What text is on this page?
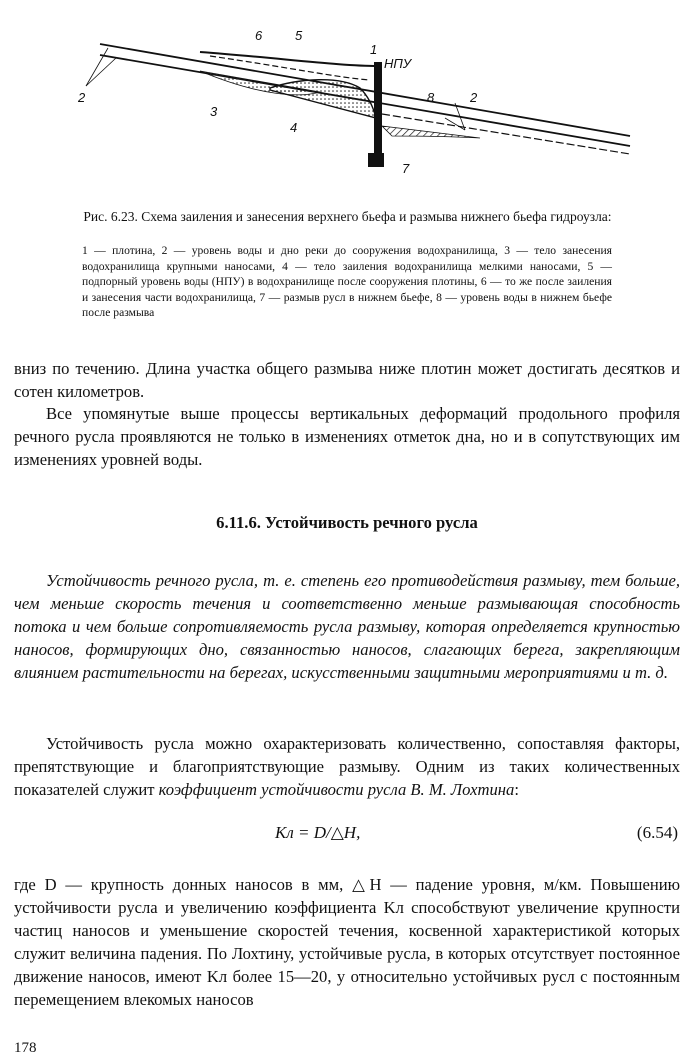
6	5
1
НПУ
2
3
4
8	2
7
Рис. 6.23. Схема заиления и занесения верхнего бьефа и размыва нижнего бьефа гидроузла:
1 — плотина, 2 — уровень воды и дно реки до сооружения водохранилища, 3 — тело занесения водохранилища крупными наносами, 4 — тело заиления водохранилища мелкими наносами, 5 — подпорный уровень воды (НПУ) в водохранилище после сооружения плотины, 6 — то же после заиления и занесения части водохранилища, 7 — размыв русл в нижнем бьефе, 8 — уровень воды в нижнем бьефе после размыва

вниз по течению. Длина участка общего размыва ниже плотин может достигать десятков и сотен километров.

Все упомянутые выше процессы вертикальных деформаций продольного профиля речного русла проявляются не только в изменениях отметок дна, но и в сопутствующих им изменениях уровней воды.

6.11.6. Устойчивость речного русла

Устойчивость речного русла, т. е. степень его противодействия размыву, тем больше, чем меньше скорость течения и соответственно меньше размывающая способность потока и чем больше сопротивляемость русла размыву, которая определяется крупностью наносов, формирующих дно, связанностью наносов, слагающих берега, закрепляющим влиянием растительности на берегах, искусственными защитными мероприятиями и т. д.

Устойчивость русла можно охарактеризовать количественно, сопоставляя факторы, препятствующие и благоприятствующие размыву. Одним из таких количественных показателей служит коэффициент устойчивости русла В. М. Лохтина:

Kл = D/△H,	(6.54)

где D — крупность донных наносов в мм, △H — падение уровня, м/км. Повышению устойчивости русла и увеличению коэффициента Kл способствуют увеличение крупности частиц наносов и уменьшение скоростей течения, косвенной характеристикой которых служит величина падения. По Лохтину, устойчивые русла, в которых отсутствует постоянное движение наносов, имеют Kл более 15—20, у относительно устойчивых русл с постоянным перемещением влекомых наносов

178
